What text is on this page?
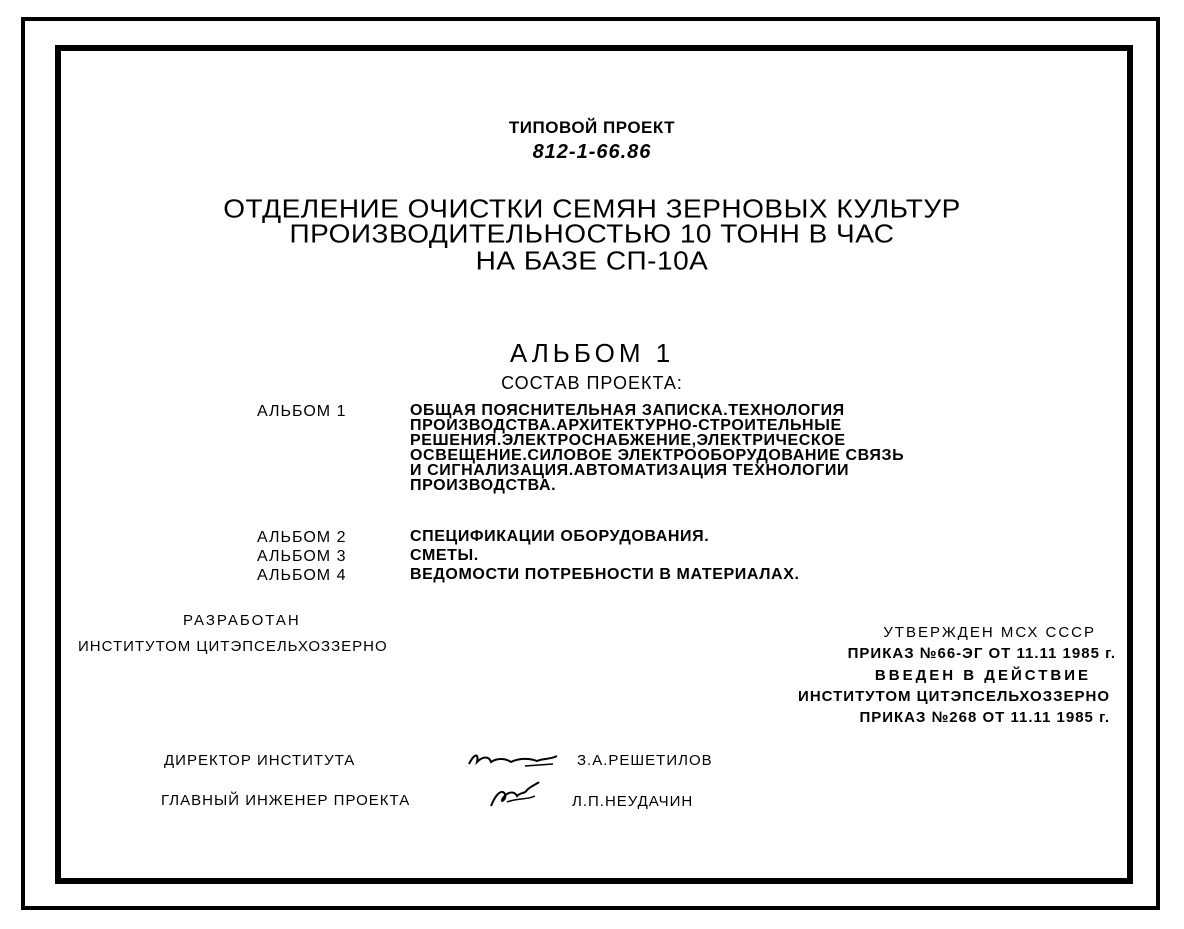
ТИПОВОЙ ПРОЕКТ
812-1-66.86
ОТДЕЛЕНИЕ ОЧИСТКИ СЕМЯН ЗЕРНОВЫХ КУЛЬТУР
ПРОИЗВОДИТЕЛЬНОСТЬЮ 10 ТОНН В ЧАС
НА БАЗЕ СП-10А
АЛЬБОМ 1
СОСТАВ ПРОЕКТА:
АЛЬБОМ 1	ОБЩАЯ ПОЯСНИТЕЛЬНАЯ ЗАПИСКА.ТЕХНОЛОГИЯ
ПРОИЗВОДСТВА.АРХИТЕКТУРНО-СТРОИТЕЛЬНЫЕ
РЕШЕНИЯ.ЭЛЕКТРОСНАБЖЕНИЕ,ЭЛЕКТРИЧЕСКОЕ
ОСВЕЩЕНИЕ.СИЛОВОЕ ЭЛЕКТРООБОРУДОВАНИЕ СВЯЗЬ
И СИГНАЛИЗАЦИЯ.АВТОМАТИЗАЦИЯ ТЕХНОЛОГИИ
ПРОИЗВОДСТВА.
АЛЬБОМ 2	СПЕЦИФИКАЦИИ ОБОРУДОВАНИЯ.
АЛЬБОМ 3	СМЕТЫ.
АЛЬБОМ 4	ВЕДОМОСТИ ПОТРЕБНОСТИ В МАТЕРИАЛАХ.
РАЗРАБОТАН
ИНСТИТУТОМ ЦИТЭПСЕЛЬХОЗЗЕРНО
УТВЕРЖДЕН МСХ СССР
ПРИКАЗ №66-ЭГ ОТ 11.11 1985 г.
ВВЕДЕН В ДЕЙСТВИЕ
ИНСТИТУТОМ ЦИТЭПСЕЛЬХОЗЗЕРНО
ПРИКАЗ №268 ОТ 11.11 1985 г.
ДИРЕКТОР ИНСТИТУТА	З.А.РЕШЕТИЛОВ
ГЛАВНЫЙ ИНЖЕНЕР ПРОЕКТА	Л.П.НЕУДАЧИН
